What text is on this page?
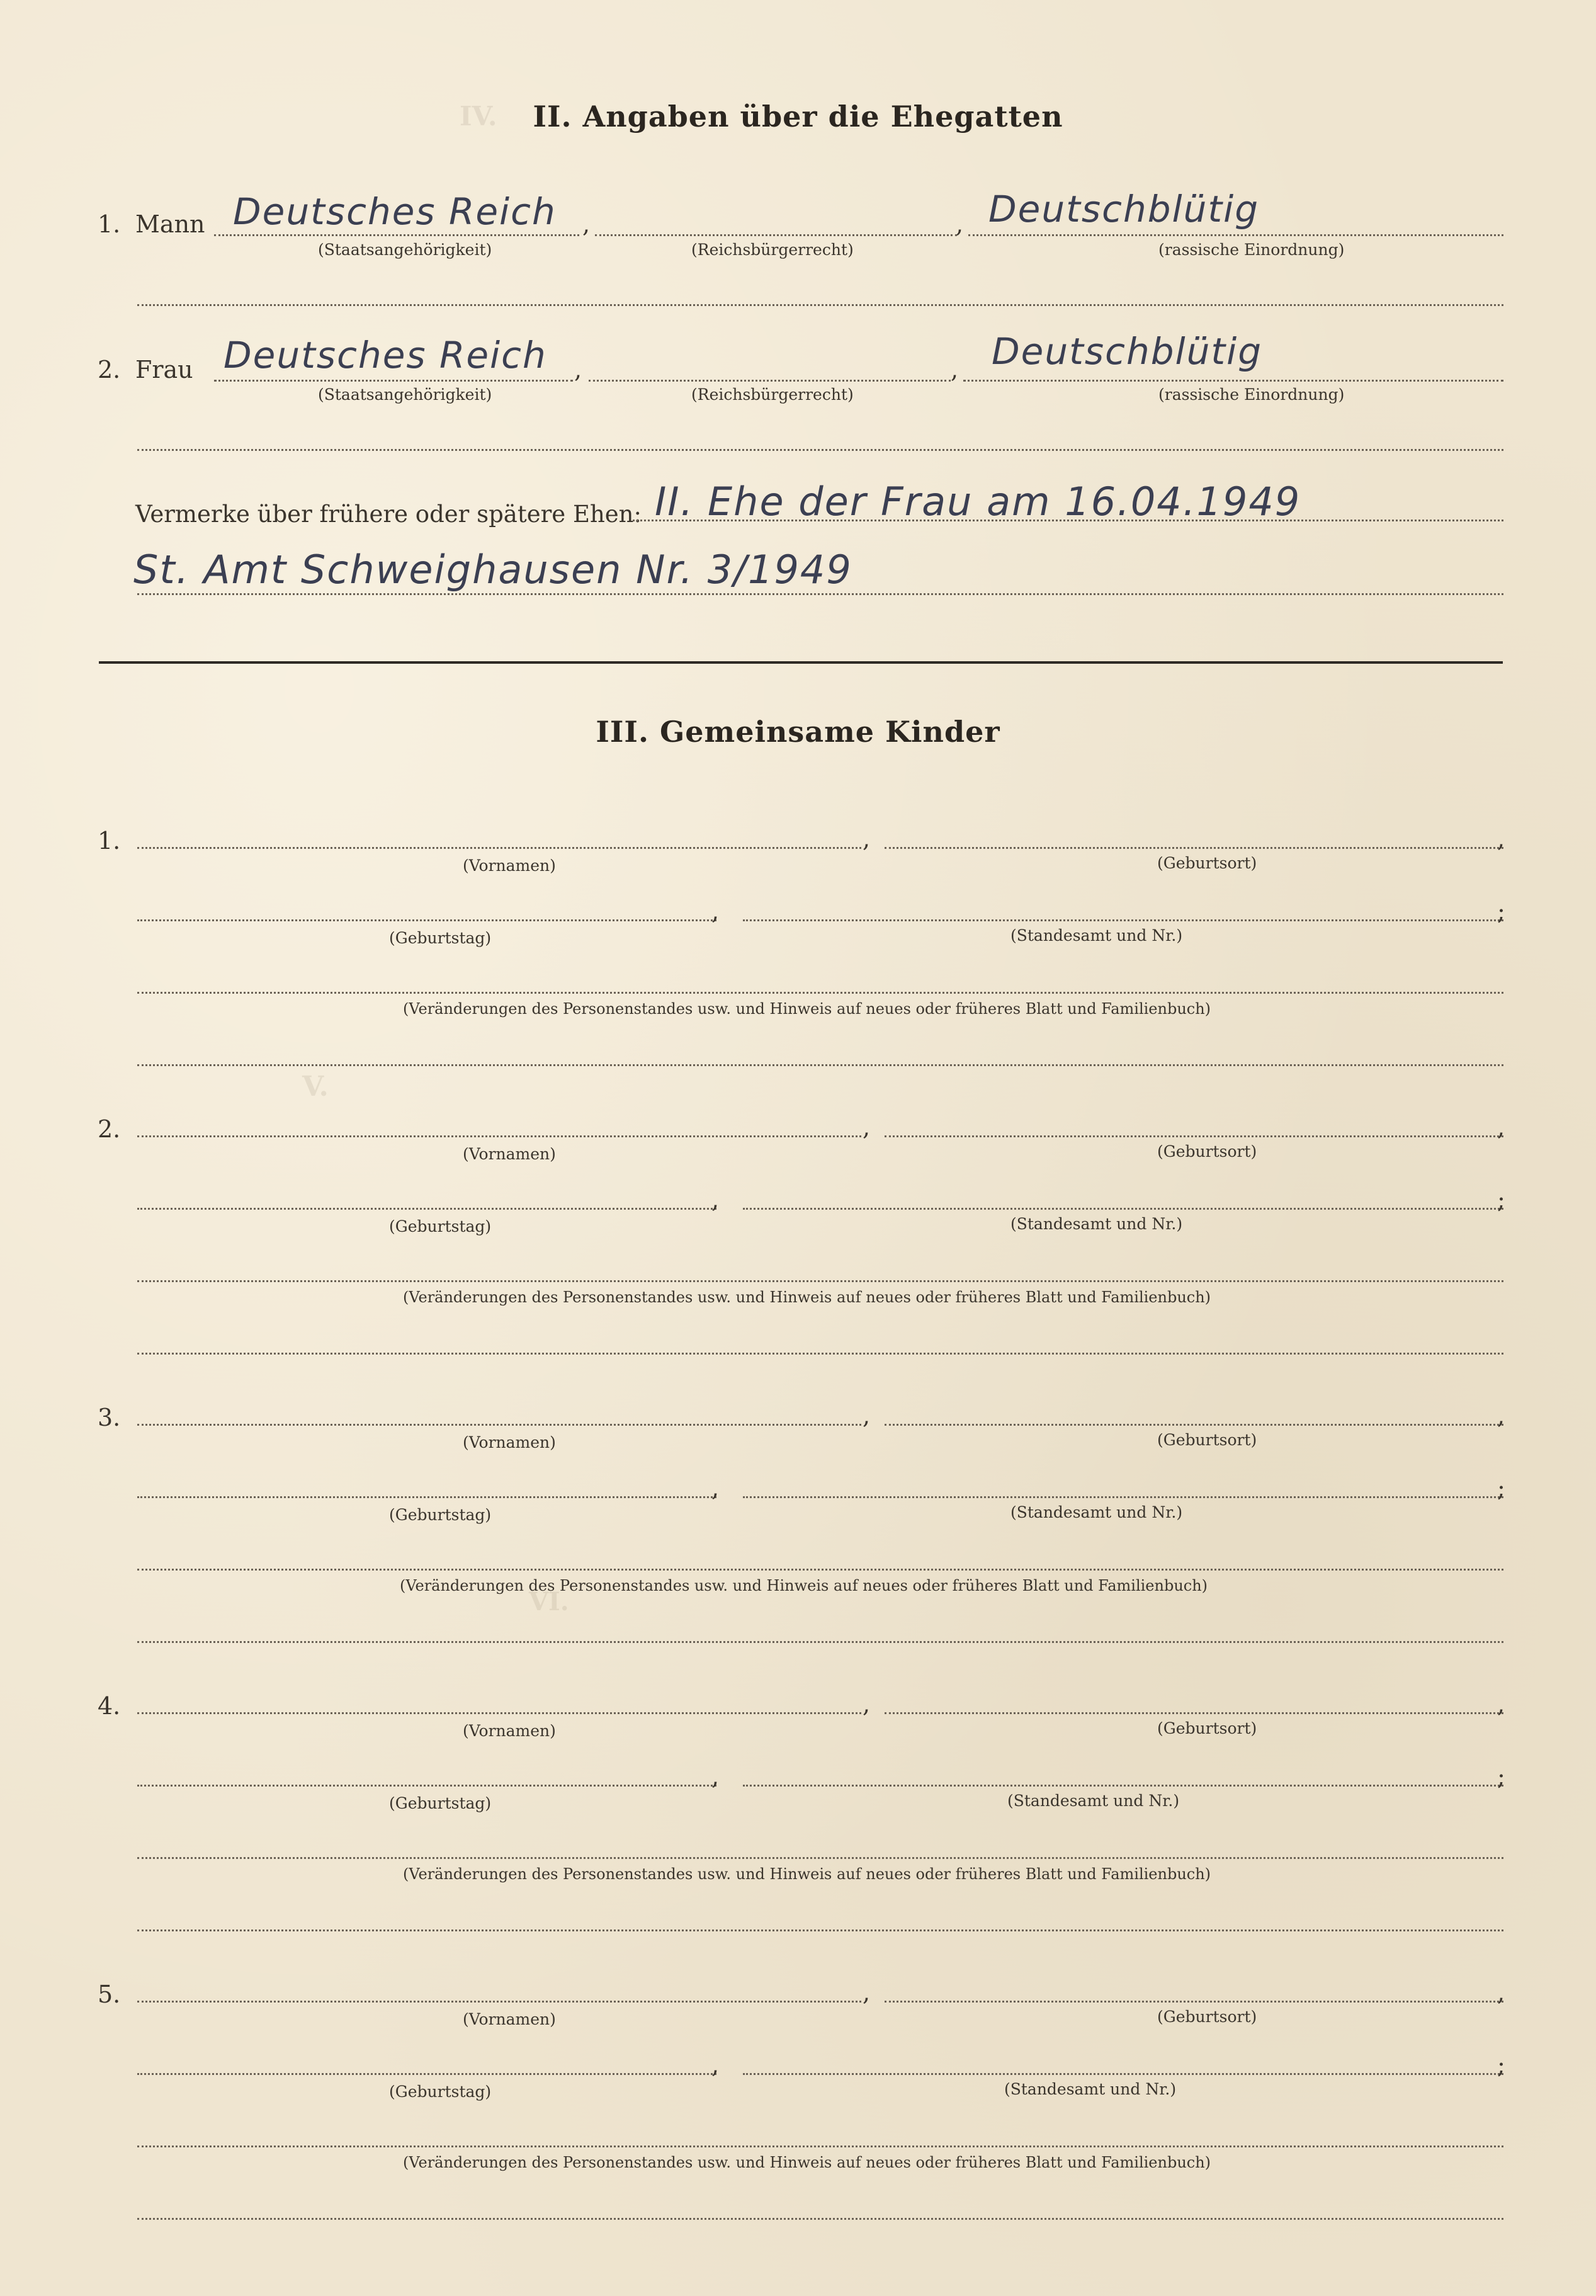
IV.
V.
VI.
II. Angaben über die Ehegatten
1. Mann Deutsches Reich ,	, Deutschblütig
(Staatsangehörigkeit)	(Reichsbürgerrecht)	(rassische Einordnung)
2. Frau Deutsches Reich ,	, Deutschblütig
(Staatsangehörigkeit)	(Reichsbürgerrecht)	(rassische Einordnung)
Vermerke über frühere oder spätere Ehen: II. Ehe der Frau am 16.04.1949
St. Amt Schweighausen Nr. 3/1949
III. Gemeinsame Kinder
1.	,	,
(Vornamen)	(Geburtsort)
,	;
(Geburtstag)	(Standesamt und Nr.)
(Veränderungen des Personenstandes usw. und Hinweis auf neues oder früheres Blatt und Familienbuch)
2.	,	,
(Vornamen)	(Geburtsort)
,	;
(Geburtstag)	(Standesamt und Nr.)
(Veränderungen des Personenstandes usw. und Hinweis auf neues oder früheres Blatt und Familienbuch)
3.	,	,
(Vornamen)	(Geburtsort)
,	;
(Geburtstag)	(Standesamt und Nr.)
(Veränderungen des Personenstandes usw. und Hinweis auf neues oder früheres Blatt und Familienbuch)
4.	,	,
(Vornamen)	(Geburtsort)
,	;
(Geburtstag)	(Standesamt und Nr.)
(Veränderungen des Personenstandes usw. und Hinweis auf neues oder früheres Blatt und Familienbuch)
5.	,	,
(Vornamen)	(Geburtsort)
,	;
(Geburtstag)	(Standesamt und Nr.)
(Veränderungen des Personenstandes usw. und Hinweis auf neues oder früheres Blatt und Familienbuch)
